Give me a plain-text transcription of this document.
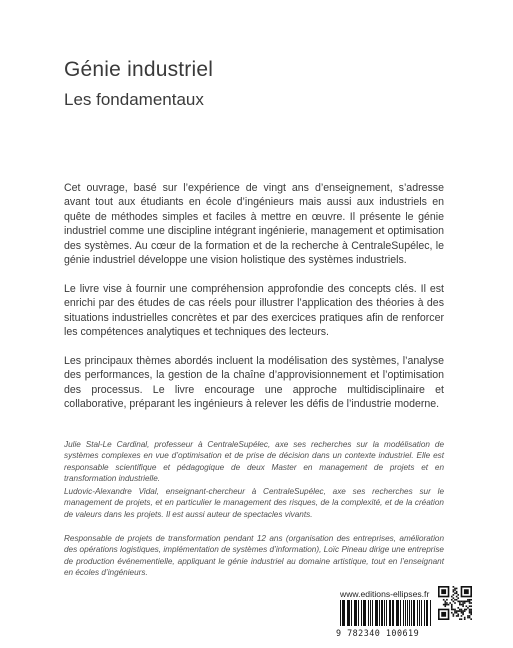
Génie industriel
Les fondamentaux

Cet ouvrage, basé sur l’expérience de vingt ans d’enseignement, s’adresse avant tout aux étudiants en école d’ingénieurs mais aussi aux industriels en quête de méthodes simples et faciles à mettre en œuvre. Il présente le génie industriel comme une discipline intégrant ingénierie, management et optimisation des systèmes. Au cœur de la formation et de la recherche à CentraleSupélec, le génie industriel développe une vision holistique des systèmes industriels.

Le livre vise à fournir une compréhension approfondie des concepts clés. Il est enrichi par des études de cas réels pour illustrer l’application des théories à des situations industrielles concrètes et par des exercices pratiques afin de renforcer les compétences analytiques et techniques des lecteurs.

Les principaux thèmes abordés incluent la modélisation des systèmes, l’analyse des performances, la gestion de la chaîne d’approvisionnement et l’optimisation des processus. Le livre encourage une approche multidisciplinaire et collaborative, préparant les ingénieurs à relever les défis de l’industrie moderne.

Julie Stal-Le Cardinal, professeur à CentraleSupélec, axe ses recherches sur la modélisation de systèmes complexes en vue d’optimisation et de prise de décision dans un contexte industriel. Elle est responsable scientifique et pédagogique de deux Master en management de projets et en transformation industrielle.

Ludovic-Alexandre Vidal, enseignant-chercheur à CentraleSupélec, axe ses recherches sur le management de projets, et en particulier le management des risques, de la complexité, et de la création de valeurs dans les projets. Il est aussi auteur de spectacles vivants.

Responsable de projets de transformation pendant 12 ans (organisation des entreprises, amélioration des opérations logistiques, implémentation de systèmes d’information), Loïc Pineau dirige une entreprise de production événementielle, appliquant le génie industriel au domaine artistique, tout en l’enseignant en écoles d’ingénieurs.

www.editions-ellipses.fr

9 782340 100619
